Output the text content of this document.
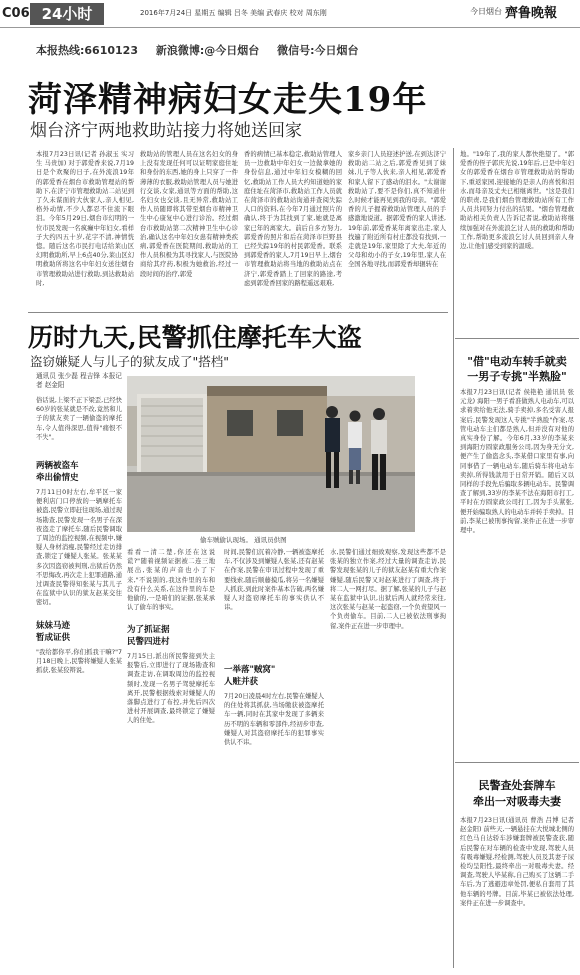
C06 24小时	2016年7月24日 星期五 编辑 吕冬 美编 武春庆 校对 周东刚	今日烟台 齊鲁晚報
本报热线:6610123 新浪微博:@今日烟台 微信号:今日烟台
菏泽精神病妇女走失19年
烟台济宁两地救助站接力将她送回家
本报7月23日讯(记者 孙淑玉 实习生 马贵加) 对于郭爱香来说,7月19日是个欢聚的日子,在外流浪19年的郭爱香在烟台市救助管理站的帮助下,在济宁市管理救助站二站见到了久未谋面的大伙家人,亲人相见,格外动情,不少人都忍不住流下眼泪。今年5月29日,烟台市幻明的一位市民发现一名疯癫中年妇女,看样子大约四五十岁,花字不清,神情恍惚。随后这名市民打电话给莱山区幻明救助所,早上6点40分,莱山区幻明救助所将这名中年妇女送往烟台市管理救助站进行救助,到达救助站时,
救助站的管理人员在这名妇女的身上没有发现任何可以证明家庭住址和身份的东西,她的身上只穿了一件薄薄的衣服,救助站管理人员与她进行交谈,女家,通讯等方面的帮助,这名妇女也交谈,且无异常,救助站工作人员随即将其带至烟台市精神卫生中心康复中心进行诊治。经过烟台市救助站第二次精神卫生中心诊治,确认这名中年妇女患有精神类疾病,郭爱香在医院期间,救助站的工作人员积极为其寻找家人,与医院协商给其疗药,积极为她救治,经过一段时间的治疗,郭爱
香的病情已基本稳定,救助站管理人员一边救助中年妇女一边做拿她的身份信息,通过中年妇女模糊的回忆,救助站工作人员大约知道她的家庭住址在菏泽市,救助站工作人员就在菏泽市的救助站询通并查阅失踪人口的资料,在今年7月通过照片的确认,终于为其找到了家,她就是离家已年的离家大。前后自多方努力,郭爱香的照片和后在菏泽市巨野县已经失踪19年的村民郭爱香。联系到郭爱香的家人,7月19日早上,烟台市管理救助站将当地的救助站点在济宁,郭爱香踏上了回家的路途,考虑到郭爱香回家的路程遥远艰难,
家乡亲门人员迎述护送,在到达济宁救助站二站之后,郭爱香见到了妹妹,儿子等人伙来,亲人相见,郭爱香和家人留下了感动的泪水。"太谢谢救助站了,要不是你们,真不知道什么时候才能再见到我的母亲。"郭爱香的儿子握着救助站管理人员的手感激地说道。据郭爱香的家人讲述,19年前,郭爱香某年离家出走,家人找遍了附近所有村庄都没有找到,一走就是19年,家里除了大夫,年近的父母和幼小的子女,19年里,家人在全国各地寻找,而郭爱香却辗转在
地。"19年了,我的家人都快绝望了。"郭爱香的侄子郭庆光说,19年后,已是中年妇女的郭爱香在烟台市管理救助站的帮助下,重返家园,迎接她的是亲人的喜悦和泪水,而母亲及丈夫已相继离世。"这是我们的职责,是我们烟台管理救助站所有工作人员共同努力付出的结果。"烟台管理救助站相关负责人告诉记者说,救助站将继续加强对在外流浪乞讨人员的救助和帮助工作,帮助更多流浪乞讨人员回到亲人身边,让他们感受到家的温暖。
历时九天,民警抓住摩托车大盗
盗窃嫌疑人与儿子的狱友成了"搭档"
通讯员 张少磊 程吉锋 本报记者 赵金阳
俗话说,上梁不正下梁歪,已经快60岁的张某就是不改,竟然和儿子的狱友卖了一辆偷盗的摩托车,令人值得深思,值得"痛恨不不失"。
两辆被盗车
牵出偷情史
7月11日0时左右,牟平区一家便利店门口停放的一辆摩托车被盗,民警立即赶往现场,通过现场勘查,民警发现一名男子在深夜盗走了摩托车,随后民警调取了周边的监控视频,在视频中,嫌疑人身材消瘦,民警经过走访排查,锁定了嫌疑人张某。张某某多次因盗窃被判刑,出狱后仍然不思悔改,再次走上犯罪道路,通过调查民警得知张某与其儿子在监狱中认识的狱友赵某交往密切。
妹妹马迹
暂成证供
"我给都你平,你们抓我干嘛?"7月18日晚上,民警将嫌疑人张某抓获,张某狡辩说。
偷车贼偷认现场。 通讯员供图
看看一清二楚,你还在这说谎?"随着视频证据被二连三地展出,张某的声音也小了下来,"不说别的,我这件里的车和没有什么关系,在这件里的车是他偷的,一是咱们的证据,张某承认了偷车的事实。
为了抓证据
民警四进村
7月15日,派出所民警接到失主报警后,立即进行了现场勘查和调查走访,在调取周边的监控视频时,发现一名男子驾驶摩托车离开,民警根据线索对嫌疑人的落脚点进行了布控,并先后四次进村开展调查,最终锁定了嫌疑人的住处。
时间,民警们沉着冷静,一辆被盗摩托车,不仅涉及到嫌疑人张某,还有赵某在作案,民警在审讯过程中发现了重要线索,随后顺藤摸瓜,将另一名嫌疑人抓获,到此时案件基本告破,两名嫌疑人对盗窃摩托车的事实供认不讳。
一举落"贼窝"
人赃并获
7月20日凌晨4时左右,民警在嫌疑人的住处将其抓获,当场缴获被盗摩托车一辆,同时在其家中发现了多辆来历不明的车辆和零部件,经初步审查,嫌疑人对其盗窃摩托车的犯罪事实供认不讳。
水,民警们通过细致观察,发现这些都不是张某的独立作案,经过大量的调查走访,民警发现张某的儿子的狱友赵某有重大作案嫌疑,随后民警又对赵某进行了调查,终于将二人一网打尽。据了解,张某的儿子与赵某在监狱中认识,出狱后两人就经常来往,这次张某与赵某一起盗窃,一个负责望风一个负责偷车。目前,二人已被依法刑事拘留,案件正在进一步审理中。
"借"电动车转手就卖
一男子专挑"半熟脸"
本报7月23日讯(记者 侯艳艳 通讯员 张元龙) 海阳一男子看准做熟人电动车,可以求着卖给他无法,骑手卖掉,多名受害人报案后,民警发现这人专挑"半熟脸"作案,尽管电动车主们都是熟人,但并没有对他的真实身份了解。今年6月,33岁的李某来到海阳方圆家政服务公司,因为身无分文,便产生了偷盗念头,李某借口家里有事,向同事借了一辆电动车,随后骑车将电动车卖掉,所得钱款用于日常开销。随后又以同样的手段先后骗取多辆电动车。民警调查了解到,33岁的李某不法在海阳市打工,平时在方圆家政公司打工,因为手头紧张,便开始骗取熟人的电动车并转手卖掉。目前,李某已被刑事拘留,案件正在进一步审理中。
民警查处套牌车
牵出一对吸毒夫妻
本报7月23日讯(通讯员 曹浩 吕博 记者 赵金阳) 前些天,一辆悬挂在大悦城北侧的红色马自达轿车涉嫌套牌被民警查获,随后民警在对车辆的检查中发现,驾驶人员有吸毒嫌疑,经检测,驾驶人员及其妻子尿检均呈阳性,最终牵出一对吸毒夫妻。经调查,驾驶人毕某称,自己购买了这辆二手车后,为了逃避违章处罚,便私自套用了其他车辆的号牌。目前,毕某已被依法处理,案件正在进一步调查中。
